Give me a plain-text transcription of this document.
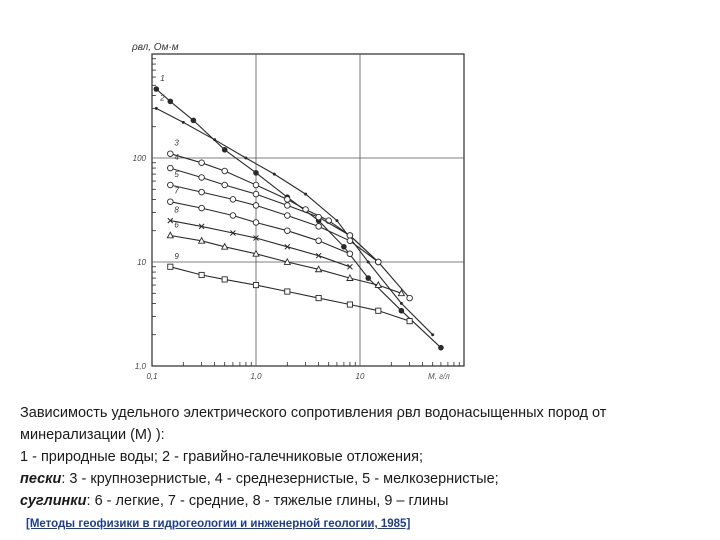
0,1	1,0	10
1,0
10
100
M, г/л
ρвл, Ом·м
1
2
3
4
5
6
7
8
9
Зависимость удельного электрического сопротивления ρвл водонасыщенных пород от
минерализации (М) ):
1 - природные воды; 2 - гравийно-галечниковые отложения;
пески: 3 - крупнозернистые, 4 - среднезернистые, 5 - мелкозернистые;
суглинки: 6 - легкие, 7 - средние, 8 - тяжелые глины, 9 – глины
[Методы геофизики в гидрогеологии и инженерной геологии, 1985]
